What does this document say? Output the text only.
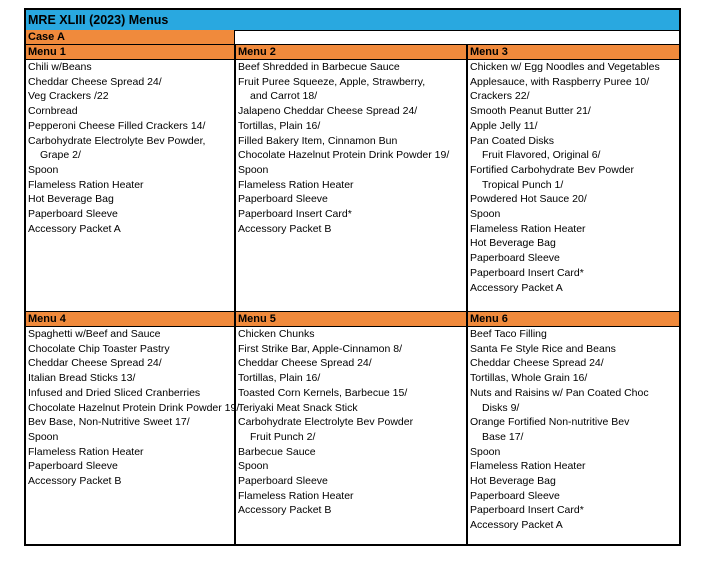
MRE XLIII (2023) Menus
Case A
Menu 1
Chili w/Beans
Cheddar Cheese Spread 24/
Veg Crackers /22
Cornbread
Pepperoni Cheese Filled Crackers 14/
Carbohydrate Electrolyte Bev Powder,
Grape 2/
Spoon
Flameless Ration Heater
Hot Beverage Bag
Paperboard Sleeve
Accessory Packet A
Menu 2
Beef Shredded in Barbecue Sauce
Fruit Puree Squeeze, Apple, Strawberry,
and Carrot 18/
Jalapeno Cheddar Cheese Spread 24/
Tortillas, Plain 16/
Filled Bakery Item, Cinnamon Bun
Chocolate Hazelnut Protein Drink Powder 19/
Spoon
Flameless Ration Heater
Paperboard Sleeve
Paperboard Insert Card*
Accessory Packet B
Menu 3
Chicken w/ Egg Noodles and Vegetables
Applesauce, with Raspberry Puree 10/
Crackers 22/
Smooth Peanut Butter 21/
Apple Jelly 11/
Pan Coated Disks
Fruit Flavored, Original 6/
Fortified Carbohydrate Bev Powder
Tropical Punch 1/
Powdered Hot Sauce 20/
Spoon
Flameless Ration Heater
Hot Beverage Bag
Paperboard Sleeve
Paperboard Insert Card*
Accessory Packet A
Menu 4
Spaghetti w/Beef and Sauce
Chocolate Chip Toaster Pastry
Cheddar Cheese Spread 24/
Italian Bread Sticks 13/
Infused and Dried Sliced Cranberries
Chocolate Hazelnut Protein Drink Powder 19/
Bev Base, Non-Nutritive Sweet 17/
Spoon
Flameless Ration Heater
Paperboard Sleeve
Accessory Packet B
Menu 5
Chicken Chunks
First Strike Bar, Apple-Cinnamon 8/
Cheddar Cheese Spread 24/
Tortillas, Plain 16/
Toasted Corn Kernels, Barbecue 15/
Teriyaki Meat Snack Stick
Carbohydrate Electrolyte Bev Powder
Fruit Punch 2/
Barbecue Sauce
Spoon
Paperboard Sleeve
Flameless Ration Heater
Accessory Packet B
Menu 6
Beef Taco Filling
Santa Fe Style Rice and Beans
Cheddar Cheese Spread 24/
Tortillas, Whole Grain 16/
Nuts and Raisins w/ Pan Coated Choc
Disks 9/
Orange Fortified Non-nutritive Bev
Base 17/
Spoon
Flameless Ration Heater
Hot Beverage Bag
Paperboard Sleeve
Paperboard Insert Card*
Accessory Packet A
